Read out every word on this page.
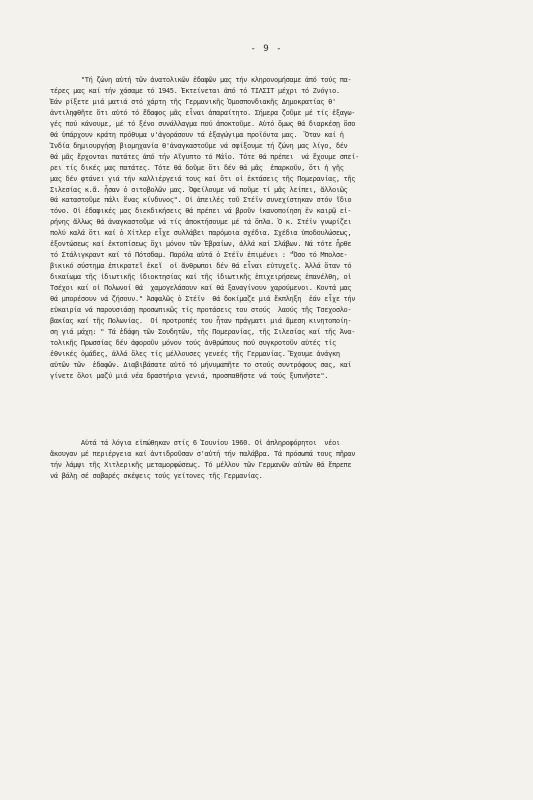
- 9 -
"Τή ζώνη αὐτή τῶν ἀνατολικῶν ἐδαφῶν μας τήν κληρονομήσαμε ἀπό τούς πα-
τέρες μας καί τήν χάσαμε τό 1945. Ἐκτείνεται ἀπό τό ΤΙΛΣΙΤ μέχρι τό Ζνόγιο.
Ἐάν ρίξετε μιά ματιά στό χάρτη τῆς Γερμανικῆς Ὁμοσπονδιακῆς Δημοκρατίας θ'
ἀντιληφθῆτε ὅτι αὐτό τό ἔδαφος μᾶς εἶναι ἀπαραίτητο. Σήμερα ζοῦμε μέ τίς ἐξαγω-
γές πού κάνουμε, μέ τό ξένο συνάλλαγμα πού ἀποκτοῦμε. Αὐτό ὅμως θά διαρκέσῃ ὅσο
θά ὑπάρχουν κράτη πρόθυμα ν'ἀγοράσουν τά ἐξαγώγιμα προϊόντα μας.  Ὅταν καί ἡ
Ἰνδία δημιουργήσῃ βιομηχανία θ'ἀναγκαστοῦμε νά σφίξουμε τή ζώνη μας λίγο, δέν
θά μᾶς ἔρχονται πατάτες ἀπό τήν Αἴγυπτο τό Μάϊο. Τότε θά πρέπει  νά ἔχουμε σπεί-
ρει τίς δικές μας πατάτες. Τότε θά δοῦμε ὅτι δέν θά μᾶς  ἐπαρκοῦν, ὅτι ἡ γῆς
μας δέν φτάνει γιά τήν καλλιέργειά τους καί ὅτι οἱ ἐκτάσεις τῆς Πομερανίας, τῆς
Σιλεσίας κ.ἄ. ἦσαν ὁ σιτοβολῶν μας. Ὀφείλουμε νά ποῦμε τί μᾶς λείπει, ἄλλοιῶς
θά καταστοῦμε πάλι ἕνας κίνδυνος". Οἱ ἀπειλές τοῦ Στέϊν συνεχίστηκαν στόν ἴδιο
τόνο. Οἱ ἐδαφικές μας διεκδικήσεις θά πρέπει νά βροῦν ἱκανοποίηση ἐν καιρῷ εἰ-
ρήνης ἄλλως θά ἀναγκαστοῦμε νά τίς ἀποκτήσουμε μέ τά ὅπλα. Ὁ κ. Στέϊν γνωρίζει
πολύ καλά ὅτι καί ὁ Χίτλερ εἶχε συλλάβει παρόμοια σχέδια. Σχέδια ὑποδουλώσεως,
ἐξοντώσεως καί ἐκτοπίσεως ὄχι μόνον τῶν Ἑβραίων, ἀλλά καί Σλάβων. Νά τότε ἦρθε
τό Στάλιγκραντ καί τό Πότσδαμ. Παρόλα αὐτά ὁ Στέϊν ἐπιμένει : "Ὅσο τό Μπολσε-
βικικό σύστημα ἐπικρατεῖ ἐκεῖ  οἱ ἄνθρωποι δέν θά εἶναι εὐτυχεῖς. Ἀλλά ὅταν τό
δικαίωμα τῆς ἰδιωτικῆς ἰδιοκτησίας καί τῆς ἰδιωτικῆς ἐπιχειρήσεως ἐπανέλθη, οἱ
Τσέχοι καί οἱ Πολωνοί θά  χαμογελάσουν καί θά ξαναγίνουν χαρούμενοι. Κοντά μας
θά μπορέσουν νά ζήσουν." Ἀσφαλῶς ὁ Στέϊν  θά δοκίμαζε μιά ἔκπληξη  ἐάν εἶχε τήν
εὐκαιρία νά παρουσιάσῃ προσωπικῶς τίς προτάσεις του στούς  λαούς τῆς Τσεχοσλο-
βακίας καί τῆς Πολωνίας.  Οἱ προτροπές του ἦταν πράγματι μιά ἄμεση κινητοποίη-
ση γιά μάχη: " Τά ἐδάφη τῶν Σουδητῶν, τῆς Πομερανίας, τῆς Σιλεσίας καί τῆς Ἀνα-
τολικῆς Πρωσσίας δέν ἀφοροῦν μόνον τούς ἀνθρώπους πού συγκροτοῦν αὐτές τίς
ἐθνικές ὁμάδες, ἀλλά ὅλες τίς μέλλουσες γενεές τῆς Γερμανίας. Ἔχουμε ἀνάγκη
αὐτῶν τῶν  ἐδαφῶν. Διαβιβάσατε αὐτό τό μήνυμαπῆτε το στούς συντρόφους σας, καί
γίνετε ὅλοι μαζύ μιά νέα δραστήρια γενιά, προσπαθῆστε νά τούς ξυπνῆστε".
Αὐτά τά λόγια εἰπώθηκαν στίς 6 Ἰουνίου 1960. Οἱ ἀπληροφόρητοι  νέοι
ἄκουγαν μέ περιέργεια καί ἀντιδροῦσαν σ'αὐτή τήν παλάβρα. Τά πρόσωπά τους πῆραν
τήν λάμψι τῆς Χιτλερικῆς μεταμορφώσεως. Τό μέλλον τῶν Γερμανῶν αὐτῶν θά ἔπρεπε
νά βάλῃ σέ σοβαρές σκέψεις τούς γείτονες τῆς Γερμανίας.
